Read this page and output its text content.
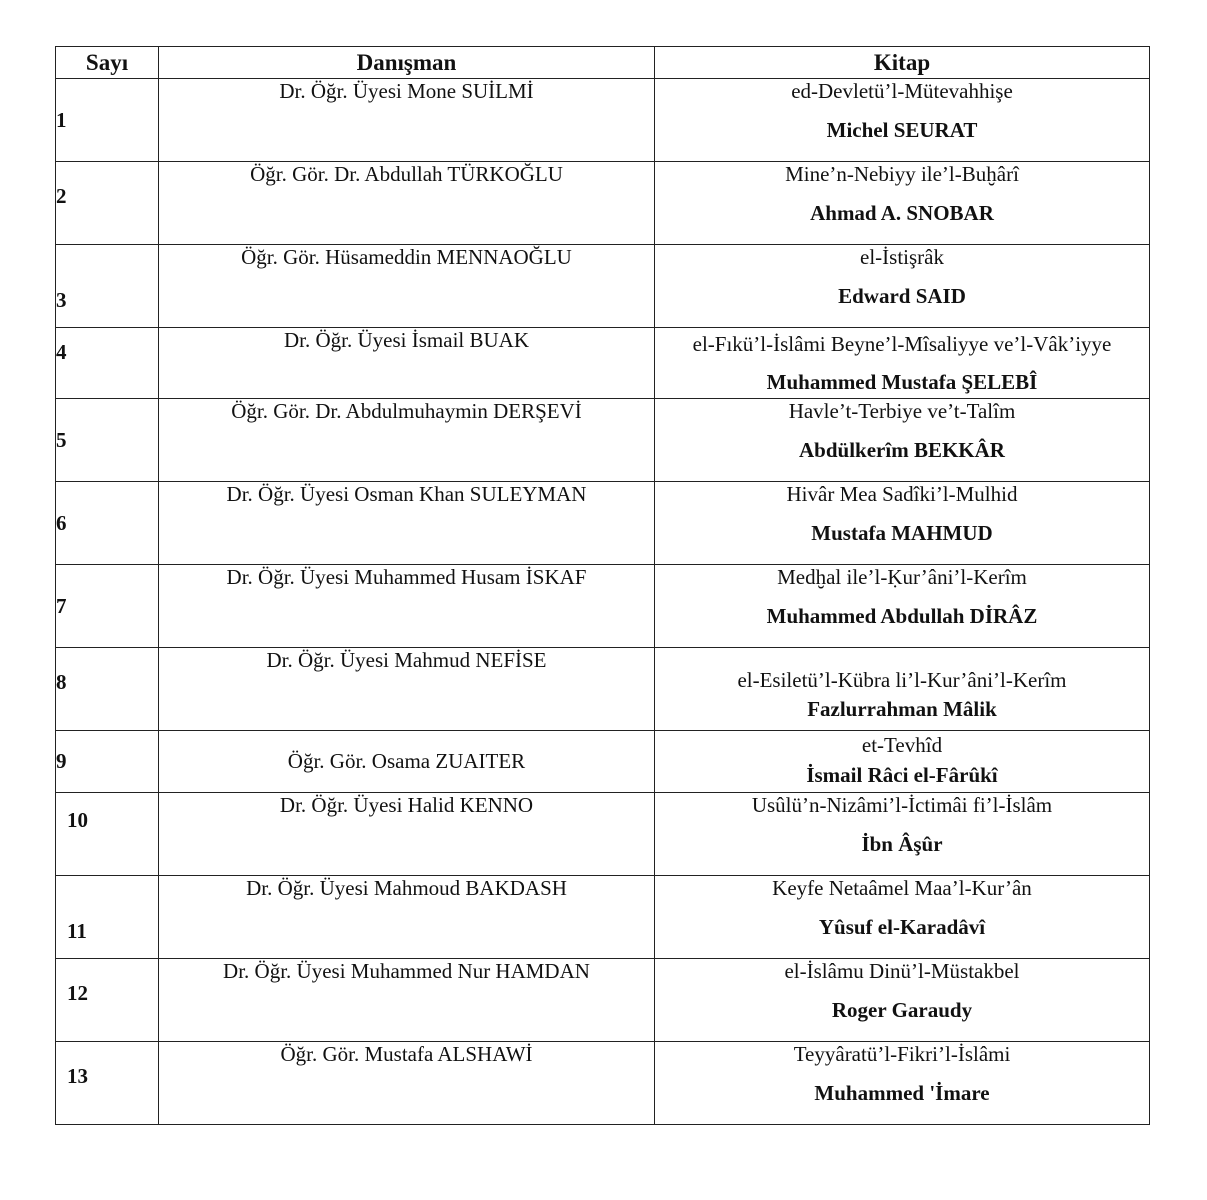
Sayı	Danışman	Kitap
1	Dr. Öğr. Üyesi Mone SUİLMİ	ed-Devletü’l-Mütevahhişe
Michel SEURAT

2	Öğr. Gör. Dr. Abdullah TÜRKOĞLU	Mine’n-Nebiyy ile’l-Buḫârî
Ahmad A. SNOBAR

3	Öğr. Gör. Hüsameddin MENNAOĞLU	el-İstişrâk
Edward SAID

4	Dr. Öğr. Üyesi İsmail BUAK	el-Fıkü’l-İslâmi Beyne’l-Mîsaliyye ve’l-Vâk’iyye
Muhammed Mustafa ŞELEBÎ

5	Öğr. Gör. Dr. Abdulmuhaymin DERŞEVİ	Havle’t-Terbiye ve’t-Talîm
Abdülkerîm BEKKÂR

6	Dr. Öğr. Üyesi Osman Khan SULEYMAN	Hivâr Mea Sadîki’l-Mulhid
Mustafa MAHMUD

7	Dr. Öğr. Üyesi Muhammed Husam İSKAF	Medḫal ile’l-Ḳur’âni’l-Kerîm
Muhammed Abdullah DİRÂZ

8	Dr. Öğr. Üyesi Mahmud NEFİSE	el-Esiletü’l-Kübra li’l-Kur’âni’l-Kerîm
Fazlurrahman Mâlik

9	Öğr. Gör. Osama ZUAITER	et-Tevhîd
İsmail Râci el-Fârûkî

10	Dr. Öğr. Üyesi Halid KENNO	Usûlü’n-Nizâmi’l-İctimâi fi’l-İslâm
İbn Âşûr

11	Dr. Öğr. Üyesi Mahmoud BAKDASH	Keyfe Netaâmel Maa’l-Kur’ân
Yûsuf el-Karadâvî

12	Dr. Öğr. Üyesi Muhammed Nur HAMDAN	el-İslâmu Dinü’l-Müstakbel
Roger Garaudy

13	Öğr. Gör. Mustafa ALSHAWİ	Teyyâratü’l-Fikri’l-İslâmi
Muhammed 'İmare
